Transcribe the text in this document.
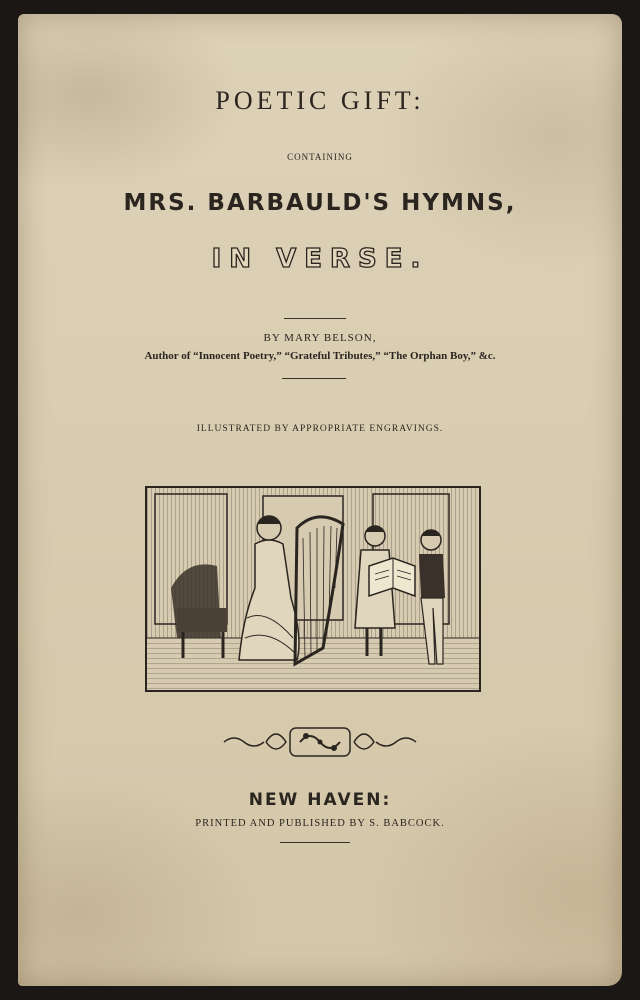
POETIC GIFT:
CONTAINING
MRS. BARBAULD'S HYMNS,
IN VERSE.
BY MARY BELSON,
Author of “Innocent Poetry,” “Grateful Tributes,” “The Orphan Boy,” &c.
ILLUSTRATED BY APPROPRIATE ENGRAVINGS.
NEW HAVEN:
PRINTED AND PUBLISHED BY S. BABCOCK.
